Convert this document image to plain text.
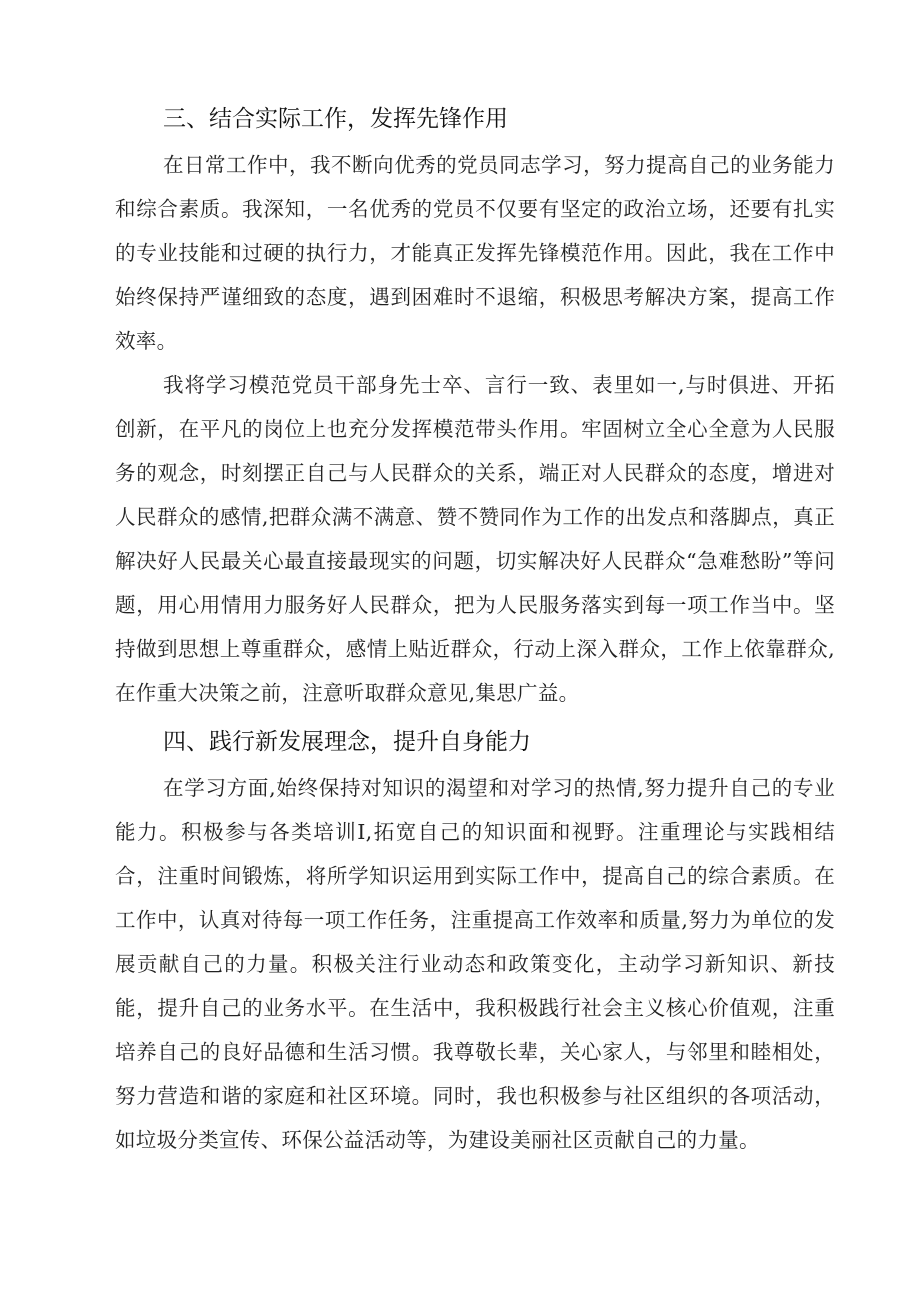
三、结合实际工作，发挥先锋作用

在日常工作中，我不断向优秀的党员同志学习，努力提高自己的业务能力和综合素质。我深知，一名优秀的党员不仅要有坚定的政治立场，还要有扎实的专业技能和过硬的执行力，才能真正发挥先锋模范作用。因此，我在工作中始终保持严谨细致的态度，遇到困难时不退缩，积极思考解决方案，提高工作效率。

我将学习模范党员干部身先士卒、言行一致、表里如一,与时俱进、开拓创新，在平凡的岗位上也充分发挥模范带头作用。牢固树立全心全意为人民服务的观念，时刻摆正自己与人民群众的关系，端正对人民群众的态度，增进对人民群众的感情,把群众满不满意、赞不赞同作为工作的出发点和落脚点，真正解决好人民最关心最直接最现实的问题，切实解决好人民群众“急难愁盼”等问题，用心用情用力服务好人民群众，把为人民服务落实到每一项工作当中。坚持做到思想上尊重群众，感情上贴近群众，行动上深入群众，工作上依靠群众,在作重大决策之前，注意听取群众意见,集思广益。

四、践行新发展理念，提升自身能力

在学习方面,始终保持对知识的渴望和对学习的热情,努力提升自己的专业能力。积极参与各类培训I,拓宽自己的知识面和视野。注重理论与实践相结合，注重时间锻炼，将所学知识运用到实际工作中，提高自己的综合素质。在工作中，认真对待每一项工作任务，注重提高工作效率和质量,努力为单位的发展贡献自己的力量。积极关注行业动态和政策变化，主动学习新知识、新技能，提升自己的业务水平。在生活中，我积极践行社会主义核心价值观，注重培养自己的良好品德和生活习惯。我尊敬长辈，关心家人，与邻里和睦相处，努力营造和谐的家庭和社区环境。同时，我也积极参与社区组织的各项活动，如垃圾分类宣传、环保公益活动等，为建设美丽社区贡献自己的力量。
